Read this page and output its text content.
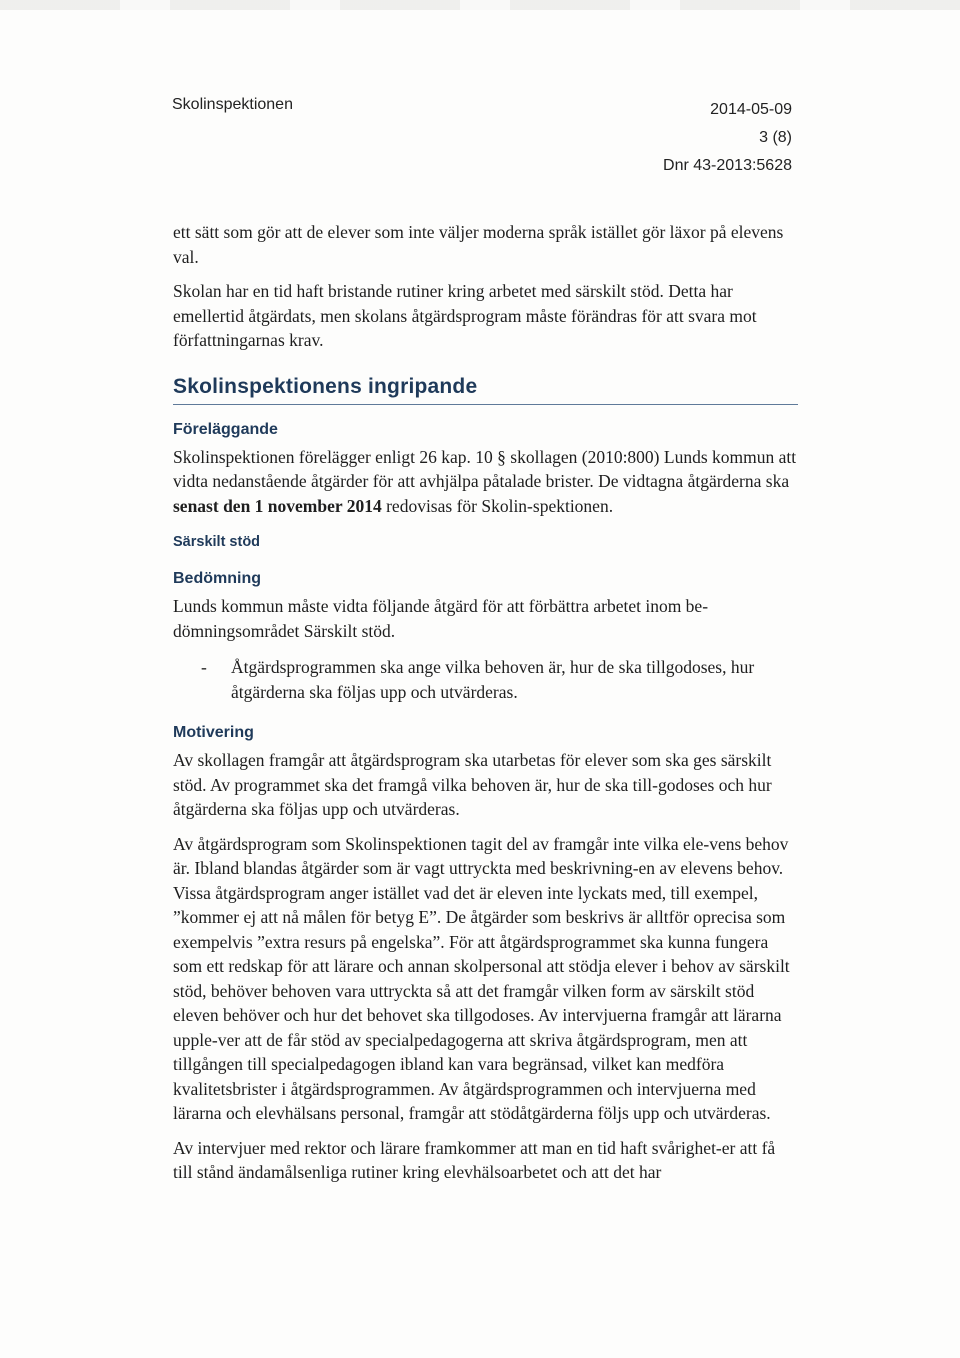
Skolinspektionen	2014-05-09
3 (8)
Dnr 43-2013:5628

ett sätt som gör att de elever som inte väljer moderna språk istället gör läxor på elevens val.

Skolan har en tid haft bristande rutiner kring arbetet med särskilt stöd. Detta har emellertid åtgärdats, men skolans åtgärdsprogram måste förändras för att svara mot författningarnas krav.

Skolinspektionens ingripande
Föreläggande

Skolinspektionen förelägger enligt 26 kap. 10 § skollagen (2010:800) Lunds kommun att vidta nedanstående åtgärder för att avhjälpa påtalade brister. De vidtagna åtgärderna ska senast den 1 november 2014 redovisas för Skolin-spektionen.

Särskilt stöd
Bedömning

Lunds kommun måste vidta följande åtgärd för att förbättra arbetet inom be-dömningsområdet Särskilt stöd.

-	Åtgärdsprogrammen ska ange vilka behoven är, hur de ska tillgodoses, hur åtgärderna ska följas upp och utvärderas.

Motivering

Av skollagen framgår att åtgärdsprogram ska utarbetas för elever som ska ges särskilt stöd. Av programmet ska det framgå vilka behoven är, hur de ska till-godoses och hur åtgärderna ska följas upp och utvärderas.

Av åtgärdsprogram som Skolinspektionen tagit del av framgår inte vilka ele-vens behov är. Ibland blandas åtgärder som är vagt uttryckta med beskrivning-en av elevens behov. Vissa åtgärdsprogram anger istället vad det är eleven inte lyckats med, till exempel, ”kommer ej att nå målen för betyg E”. De åtgärder som beskrivs är alltför oprecisa som exempelvis ”extra resurs på engelska”. För att åtgärdsprogrammet ska kunna fungera som ett redskap för att lärare och annan skolpersonal att stödja elever i behov av särskilt stöd, behöver behoven vara uttryckta så att det framgår vilken form av särskilt stöd eleven behöver och hur det behovet ska tillgodoses. Av intervjuerna framgår att lärarna upple-ver att de får stöd av specialpedagogerna att skriva åtgärdsprogram, men att tillgången till specialpedagogen ibland kan vara begränsad, vilket kan medföra kvalitetsbrister i åtgärdsprogrammen. Av åtgärdsprogrammen och intervjuerna med lärarna och elevhälsans personal, framgår att stödåtgärderna följs upp och utvärderas.

Av intervjuer med rektor och lärare framkommer att man en tid haft svårighet-er att få till stånd ändamålsenliga rutiner kring elevhälsoarbetet och att det har
